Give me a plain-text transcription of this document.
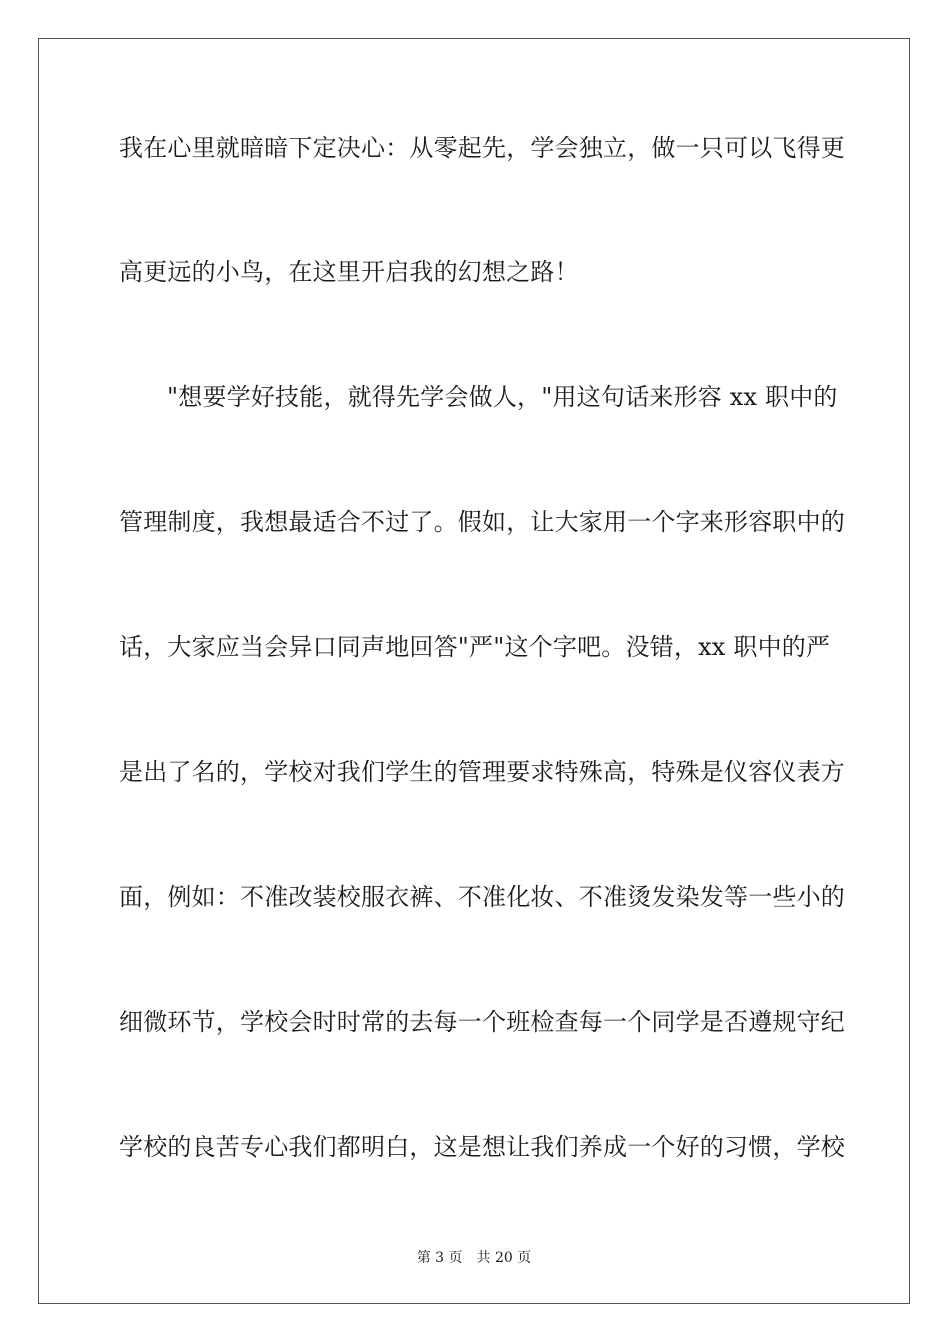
我在心里就暗暗下定决心：从零起先，学会独立，做一只可以飞得更
高更远的小鸟，在这里开启我的幻想之路！
"想要学好技能，就得先学会做人，"用这句话来形容 xx 职中的
管理制度，我想最适合不过了。假如，让大家用一个字来形容职中的
话，大家应当会异口同声地回答"严"这个字吧。没错，xx 职中的严
是出了名的，学校对我们学生的管理要求特殊高，特殊是仪容仪表方
面，例如：不准改装校服衣裤、不准化妆、不准烫发染发等一些小的
细微环节，学校会时时常的去每一个班检查每一个同学是否遵规守纪
学校的良苦专心我们都明白，这是想让我们养成一个好的习惯，学校
第 3 页 共 20 页
